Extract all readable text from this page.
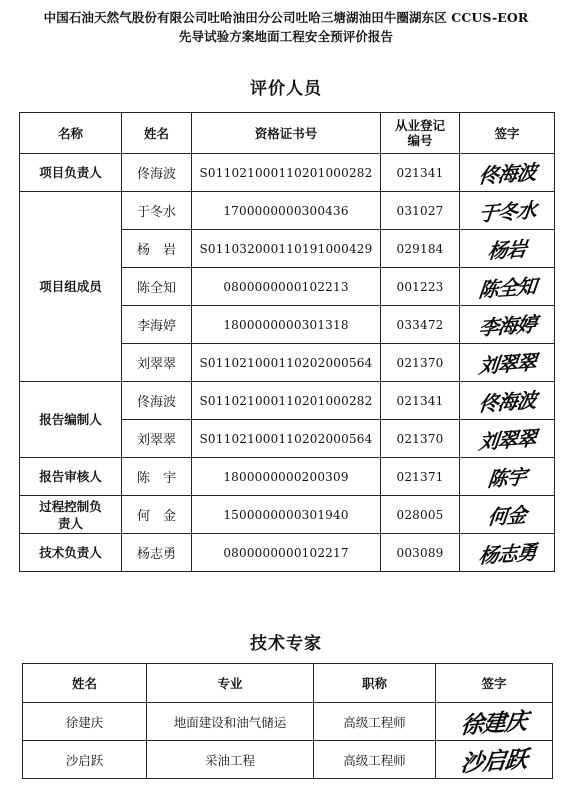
中国石油天然气股份有限公司吐哈油田分公司吐哈三塘湖油田牛圈湖东区 CCUS-EOR
先导试验方案地面工程安全预评价报告
评价人员
名称	姓名	资格证书号	从业登记编号	签字
项目负责人	佟海波	S011021000110201000282	021341	佟海波
项目组成员	于冬水	1700000000300436	031027	于冬水
	杨　岩	S011032000110191000429	029184	杨岩
	陈全知	0800000000102213	001223	陈全知
	李海婷	1800000000301318	033472	李海婷
	刘翠翠	S011021000110202000564	021370	刘翠翠
报告编制人	佟海波	S011021000110201000282	021341	佟海波
	刘翠翠	S011021000110202000564	021370	刘翠翠
报告审核人	陈　宇	1800000000200309	021371	陈宇
过程控制负责人	何　金	1500000000301940	028005	何金
技术负责人	杨志勇	0800000000102217	003089	杨志勇
技术专家
姓名	专业	职称	签字
徐建庆	地面建设和油气储运	高级工程师	徐建庆
沙启跃	采油工程	高级工程师	沙启跃
